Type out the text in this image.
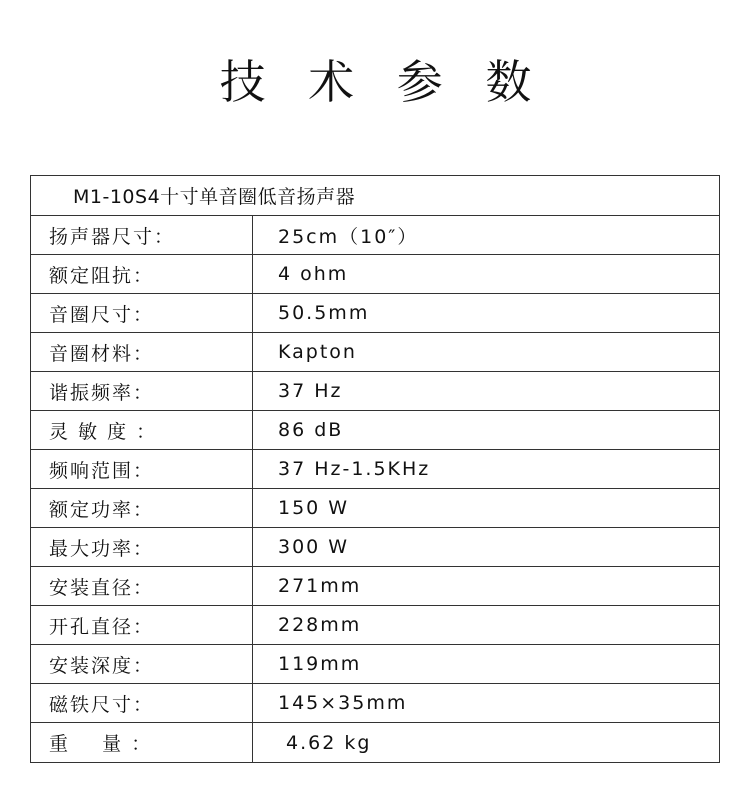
技 术 参 数
M1-10S4十寸单音圈低音扬声器
扬声器尺寸：	25cm（10″）
额定阻抗：	4 ohm
音圈尺寸：	50.5mm
音圈材料：	Kapton
谐振频率：	37 Hz
灵 敏 度 ：	86 dB
频响范围：	37 Hz-1.5KHz
额定功率：	150 W
最大功率：	300 W
安装直径：	271mm
开孔直径：	228mm
安装深度：	119mm
磁铁尺寸：	145×35mm
重    量 ：	4.62 kg
